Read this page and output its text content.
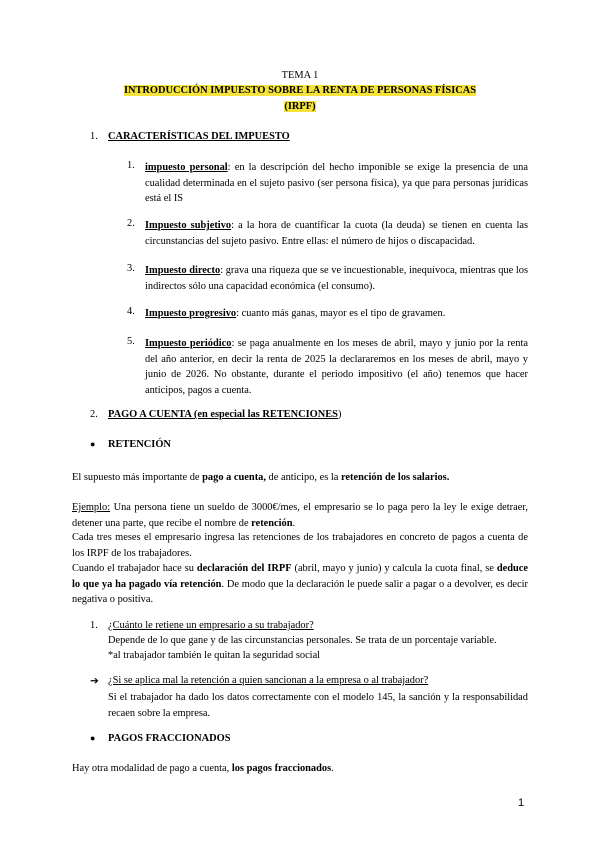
TEMA 1
INTRODUCCIÓN IMPUESTO SOBRE LA RENTA DE PERSONAS FÍSICAS
(IRPF)
1. CARACTERÍSTICAS DEL IMPUESTO
1. impuesto personal: en la descripción del hecho imponible se exige la presencia de una cualidad determinada en el sujeto pasivo (ser persona física), ya que para personas jurídicas está el IS
2. Impuesto subjetivo: a la hora de cuantificar la cuota (la deuda) se tienen en cuenta las circunstancias del sujeto pasivo. Entre ellas: el número de hijos o discapacidad.
3. Impuesto directo: grava una riqueza que se ve incuestionable, inequívoca, mientras que los indirectos sólo una capacidad económica (el consumo).
4. Impuesto progresivo: cuanto más ganas, mayor es el tipo de gravamen.
5. Impuesto periódico: se paga anualmente en los meses de abril, mayo y junio por la renta del año anterior, en decir la renta de 2025 la declararemos en los meses de abril, mayo y junio de 2026. No obstante, durante el periodo impositivo (el año) tenemos que hacer anticipos, pagos a cuenta.
2. PAGO A CUENTA (en especial las RETENCIONES)
● RETENCIÓN
El supuesto más importante de pago a cuenta, de anticipo, es la retención de los salarios.
Ejemplo: Una persona tiene un sueldo de 3000€/mes, el empresario se lo paga pero la ley le exige detraer, detener una parte, que recibe el nombre de retención.
Cada tres meses el empresario ingresa las retenciones de los trabajadores en concreto de pagos a cuenta de los IRPF de los trabajadores.
Cuando el trabajador hace su declaración del IRPF (abril, mayo y junio) y calcula la cuota final, se deduce lo que ya ha pagado vía retención. De modo que la declaración le puede salir a pagar o a devolver, es decir negativa o positiva.
1. ¿Cuánto le retiene un empresario a su trabajador?
Depende de lo que gane y de las circunstancias personales. Se trata de un porcentaje variable.
*al trabajador también le quitan la seguridad social
➔ ¿Si se aplica mal la retención a quien sancionan a la empresa o al trabajador?
Si el trabajador ha dado los datos correctamente con el modelo 145, la sanción y la responsabilidad recaen sobre la empresa.
● PAGOS FRACCIONADOS
Hay otra modalidad de pago a cuenta, los pagos fraccionados.
1
